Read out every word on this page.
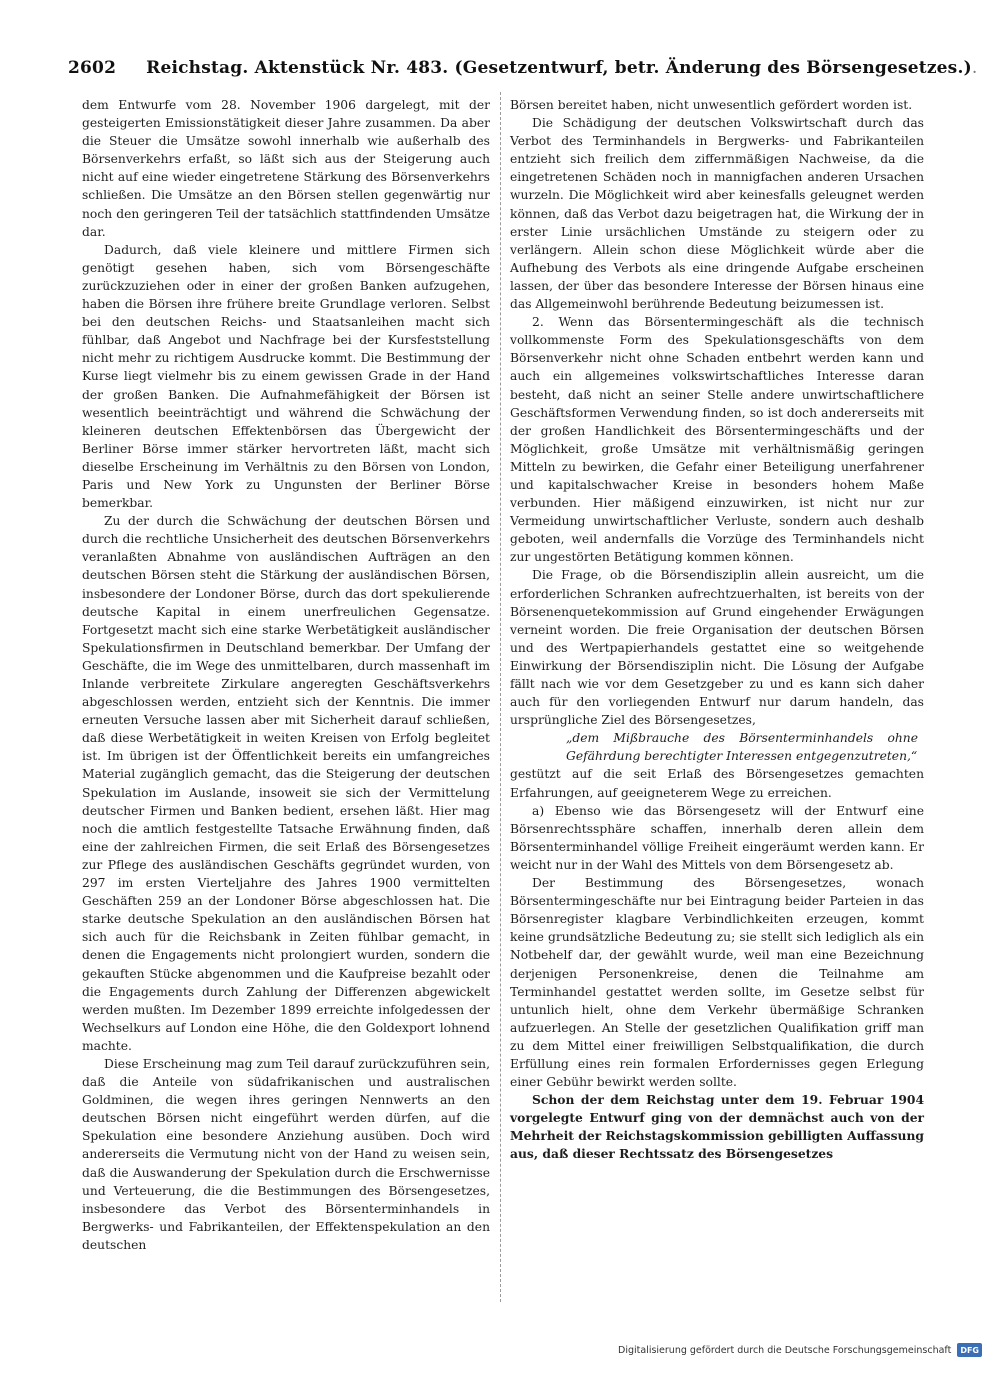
2602 Reichstag. Aktenstück Nr. 483. (Gesetzentwurf, betr. Änderung des Börsengesetzes.) .

dem Entwurfe vom 28. November 1906 dargelegt, mit der gesteigerten Emissionstätigkeit dieser Jahre zusammen. Da aber die Steuer die Umsätze sowohl innerhalb wie außerhalb des Börsenverkehrs erfaßt, so läßt sich aus der Steigerung auch nicht auf eine wieder eingetretene Stärkung des Börsenverkehrs schließen. Die Umsätze an den Börsen stellen gegenwärtig nur noch den geringeren Teil der tatsächlich stattfindenden Umsätze dar.

Dadurch, daß viele kleinere und mittlere Firmen sich genötigt gesehen haben, sich vom Börsengeschäfte zurückzuziehen oder in einer der großen Banken aufzugehen, haben die Börsen ihre frühere breite Grundlage verloren. Selbst bei den deutschen Reichs- und Staatsanleihen macht sich fühlbar, daß Angebot und Nachfrage bei der Kursfeststellung nicht mehr zu richtigem Ausdrucke kommt. Die Bestimmung der Kurse liegt vielmehr bis zu einem gewissen Grade in der Hand der großen Banken. Die Aufnahmefähigkeit der Börsen ist wesentlich beeinträchtigt und während die Schwächung der kleineren deutschen Effektenbörsen das Übergewicht der Berliner Börse immer stärker hervortreten läßt, macht sich dieselbe Erscheinung im Verhältnis zu den Börsen von London, Paris und New York zu Ungunsten der Berliner Börse bemerkbar.

Zu der durch die Schwächung der deutschen Börsen und durch die rechtliche Unsicherheit des deutschen Börsenverkehrs veranlaßten Abnahme von ausländischen Aufträgen an den deutschen Börsen steht die Stärkung der ausländischen Börsen, insbesondere der Londoner Börse, durch das dort spekulierende deutsche Kapital in einem unerfreulichen Gegensatze. Fortgesetzt macht sich eine starke Werbetätigkeit ausländischer Spekulationsfirmen in Deutschland bemerkbar. Der Umfang der Geschäfte, die im Wege des unmittelbaren, durch massenhaft im Inlande verbreitete Zirkulare angeregten Geschäftsverkehrs abgeschlossen werden, entzieht sich der Kenntnis. Die immer erneuten Versuche lassen aber mit Sicherheit darauf schließen, daß diese Werbetätigkeit in weiten Kreisen von Erfolg begleitet ist. Im übrigen ist der Öffentlichkeit bereits ein umfangreiches Material zugänglich gemacht, das die Steigerung der deutschen Spekulation im Auslande, insoweit sie sich der Vermittelung deutscher Firmen und Banken bedient, ersehen läßt. Hier mag noch die amtlich festgestellte Tatsache Erwähnung finden, daß eine der zahlreichen Firmen, die seit Erlaß des Börsengesetzes zur Pflege des ausländischen Geschäfts gegründet wurden, von 297 im ersten Vierteljahre des Jahres 1900 vermittelten Geschäften 259 an der Londoner Börse abgeschlossen hat. Die starke deutsche Spekulation an den ausländischen Börsen hat sich auch für die Reichsbank in Zeiten fühlbar gemacht, in denen die Engagements nicht prolongiert wurden, sondern die gekauften Stücke abgenommen und die Kaufpreise bezahlt oder die Engagements durch Zahlung der Differenzen abgewickelt werden mußten. Im Dezember 1899 erreichte infolgedessen der Wechselkurs auf London eine Höhe, die den Goldexport lohnend machte.

Diese Erscheinung mag zum Teil darauf zurückzuführen sein, daß die Anteile von südafrikanischen und australischen Goldminen, die wegen ihres geringen Nennwerts an den deutschen Börsen nicht eingeführt werden dürfen, auf die Spekulation eine besondere Anziehung ausüben. Doch wird andererseits die Vermutung nicht von der Hand zu weisen sein, daß die Auswanderung der Spekulation durch die Erschwernisse und Verteuerung, die die Bestimmungen des Börsengesetzes, insbesondere das Verbot des Börsenterminhandels in Bergwerks- und Fabrikanteilen, der Effektenspekulation an den deutschen

Börsen bereitet haben, nicht unwesentlich gefördert worden ist.

Die Schädigung der deutschen Volkswirtschaft durch das Verbot des Terminhandels in Bergwerks- und Fabrikanteilen entzieht sich freilich dem ziffernmäßigen Nachweise, da die eingetretenen Schäden noch in mannigfachen anderen Ursachen wurzeln. Die Möglichkeit wird aber keinesfalls geleugnet werden können, daß das Verbot dazu beigetragen hat, die Wirkung der in erster Linie ursächlichen Umstände zu steigern oder zu verlängern. Allein schon diese Möglichkeit würde aber die Aufhebung des Verbots als eine dringende Aufgabe erscheinen lassen, der über das besondere Interesse der Börsen hinaus eine das Allgemeinwohl berührende Bedeutung beizumessen ist.

2. Wenn das Börsentermingeschäft als die technisch vollkommenste Form des Spekulationsgeschäfts von dem Börsenverkehr nicht ohne Schaden entbehrt werden kann und auch ein allgemeines volkswirtschaftliches Interesse daran besteht, daß nicht an seiner Stelle andere unwirtschaftlichere Geschäftsformen Verwendung finden, so ist doch andererseits mit der großen Handlichkeit des Börsentermingeschäfts und der Möglichkeit, große Umsätze mit verhältnismäßig geringen Mitteln zu bewirken, die Gefahr einer Beteiligung unerfahrener und kapitalschwacher Kreise in besonders hohem Maße verbunden. Hier mäßigend einzuwirken, ist nicht nur zur Vermeidung unwirtschaftlicher Verluste, sondern auch deshalb geboten, weil andernfalls die Vorzüge des Terminhandels nicht zur ungestörten Betätigung kommen können.

Die Frage, ob die Börsendisziplin allein ausreicht, um die erforderlichen Schranken aufrechtzuerhalten, ist bereits von der Börsenenquetekommission auf Grund eingehender Erwägungen verneint worden. Die freie Organisation der deutschen Börsen und des Wertpapierhandels gestattet eine so weitgehende Einwirkung der Börsendisziplin nicht. Die Lösung der Aufgabe fällt nach wie vor dem Gesetzgeber zu und es kann sich daher auch für den vorliegenden Entwurf nur darum handeln, das ursprüngliche Ziel des Börsengesetzes,

„dem Mißbrauche des Börsenterminhandels ohne Gefährdung berechtigter Interessen entgegenzutreten,“

gestützt auf die seit Erlaß des Börsengesetzes gemachten Erfahrungen, auf geeigneterem Wege zu erreichen.

a) Ebenso wie das Börsengesetz will der Entwurf eine Börsenrechtssphäre schaffen, innerhalb deren allein dem Börsenterminhandel völlige Freiheit eingeräumt werden kann. Er weicht nur in der Wahl des Mittels von dem Börsengesetz ab.

Der Bestimmung des Börsengesetzes, wonach Börsentermingeschäfte nur bei Eintragung beider Parteien in das Börsenregister klagbare Verbindlichkeiten erzeugen, kommt keine grundsätzliche Bedeutung zu; sie stellt sich lediglich als ein Notbehelf dar, der gewählt wurde, weil man eine Bezeichnung derjenigen Personenkreise, denen die Teilnahme am Terminhandel gestattet werden sollte, im Gesetze selbst für untunlich hielt, ohne dem Verkehr übermäßige Schranken aufzuerlegen. An Stelle der gesetzlichen Qualifikation griff man zu dem Mittel einer freiwilligen Selbstqualifikation, die durch Erfüllung eines rein formalen Erfordernisses gegen Erlegung einer Gebühr bewirkt werden sollte.

Schon der dem Reichstag unter dem 19. Februar 1904 vorgelegte Entwurf ging von der demnächst auch von der Mehrheit der Reichstagskommission gebilligten Auffassung aus, daß dieser Rechtssatz des Börsengesetzes

Digitalisierung gefördert durch die Deutsche Forschungsgemeinschaft	DFG
